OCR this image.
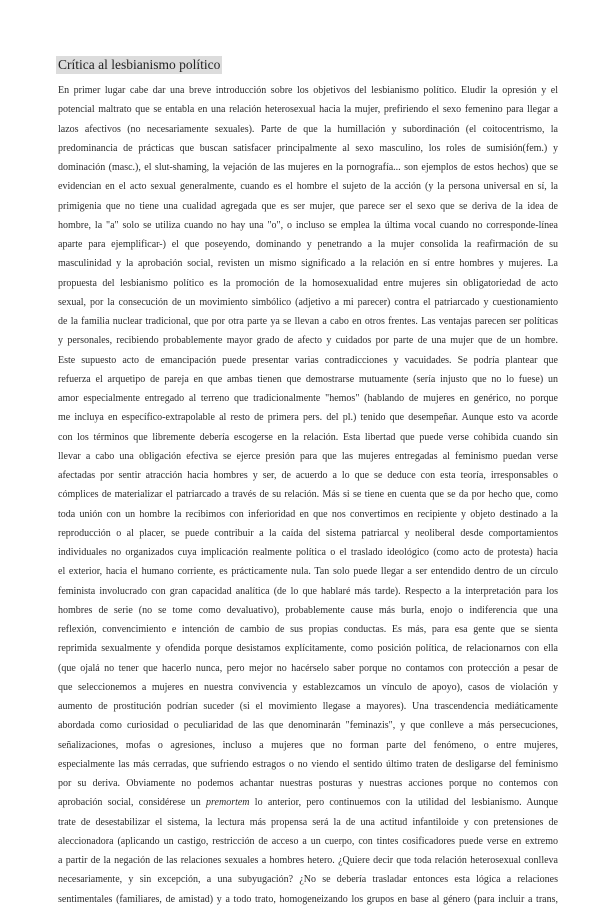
Crítica al lesbianismo político
En primer lugar cabe dar una breve introducción sobre los objetivos del lesbianismo político. Eludir la opresión y el
potencial maltrato que se entabla en una relación heterosexual hacia la mujer, prefiriendo el sexo femenino para llegar a
lazos afectivos (no necesariamente sexuales). Parte de que la humillación y subordinación (el coitocentrismo, la
predominancia de prácticas que buscan satisfacer principalmente al sexo masculino, los roles de sumisión(fem.) y
dominación (masc.), el slut-shaming, la vejación de las mujeres en la pornografía... son ejemplos de estos hechos) que se
evidencian en el acto sexual generalmente, cuando es el hombre el sujeto de la acción (y la persona universal en sí, la
primigenia que no tiene una cualidad agregada que es ser mujer, que parece ser el sexo que se deriva de la idea de
hombre, la "a" solo se utiliza cuando no hay una "o", o incluso se emplea la última vocal cuando no corresponde-línea
aparte para ejemplificar-) el que poseyendo, dominando y penetrando a la mujer consolida la reafirmación de su
masculinidad y la aprobación social, revisten un mismo significado a la relación en sí entre hombres y mujeres. La
propuesta del lesbianismo político es la promoción de la homosexualidad entre mujeres sin obligatoriedad de acto
sexual, por la consecución de un movimiento simbólico (adjetivo a mi parecer) contra el patriarcado y cuestionamiento
de la familia nuclear tradicional, que por otra parte ya se llevan a cabo en otros frentes. Las ventajas parecen ser políticas
y personales, recibiendo probablemente mayor grado de afecto y cuidados por parte de una mujer que de un hombre.
Este supuesto acto de emancipación puede presentar varias contradicciones y vacuidades. Se podría plantear que
refuerza el arquetipo de pareja en que ambas tienen que demostrarse mutuamente (sería injusto que no lo fuese) un
amor especialmente entregado al terreno que tradicionalmente "hemos" (hablando de mujeres en genérico, no porque
me incluya en específico-extrapolable al resto de primera pers. del pl.) tenido que desempeñar. Aunque esto va acorde
con los términos que libremente debería escogerse en la relación. Esta libertad que puede verse cohibida cuando sin
llevar a cabo una obligación efectiva se ejerce presión para que las mujeres entregadas al feminismo puedan verse
afectadas por sentir atracción hacia hombres y ser, de acuerdo a lo que se deduce con esta teoría, irresponsables o
cómplices de materializar el patriarcado a través de su relación. Más si se tiene en cuenta que se da por hecho que, como
toda unión con un hombre la recibimos con inferioridad en que nos convertimos en recipiente y objeto destinado a la
reproducción o al placer, se puede contribuir a la caída del sistema patriarcal y neoliberal desde comportamientos
individuales no organizados cuya implicación realmente política o el traslado ideológico (como acto de protesta) hacia
el exterior, hacia el humano corriente, es prácticamente nula. Tan solo puede llegar a ser entendido dentro de un círculo
feminista involucrado con gran capacidad analítica (de lo que hablaré más tarde). Respecto a la interpretación para los
hombres de serie (no se tome como devaluativo), probablemente cause más burla, enojo o indiferencia que una
reflexión, convencimiento e intención de cambio de sus propias conductas. Es más, para esa gente que se sienta
reprimida sexualmente y ofendida porque desistamos explícitamente, como posición política, de relacionarnos con ella
(que ojalá no tener que hacerlo nunca, pero mejor no hacérselo saber porque no contamos con protección a pesar de
que seleccionemos a mujeres en nuestra convivencia y establezcamos un vínculo de apoyo), casos de violación y
aumento de prostitución podrían suceder (si el movimiento llegase a mayores). Una trascendencia mediáticamente
abordada como curiosidad o peculiaridad de las que denominarán "feminazis", y que conlleve a más persecuciones,
señalizaciones, mofas o agresiones, incluso a mujeres que no forman parte del fenómeno, o entre mujeres,
especialmente las más cerradas, que sufriendo estragos o no viendo el sentido último traten de desligarse del feminismo
por su deriva. Obviamente no podemos achantar nuestras posturas y nuestras acciones porque no contemos con
aprobación social, considérese un premortem lo anterior, pero continuemos con la utilidad del lesbianismo. Aunque
trate de desestabilizar el sistema, la lectura más propensa será la de una actitud infantiloide y con pretensiones de
aleccionadora (aplicando un castigo, restricción de acceso a un cuerpo, con tintes cosificadores puede verse en extremo
a partir de la negación de las relaciones sexuales a hombres hetero. ¿Quiere decir que toda relación heterosexual conlleva
necesariamente, y sin excepción, a una subyugación? ¿No se debería trasladar entonces esta lógica a relaciones
sentimentales (familiares, de amistad) y a todo trato, homogeneizando los grupos en base al género (para incluir a trans,
